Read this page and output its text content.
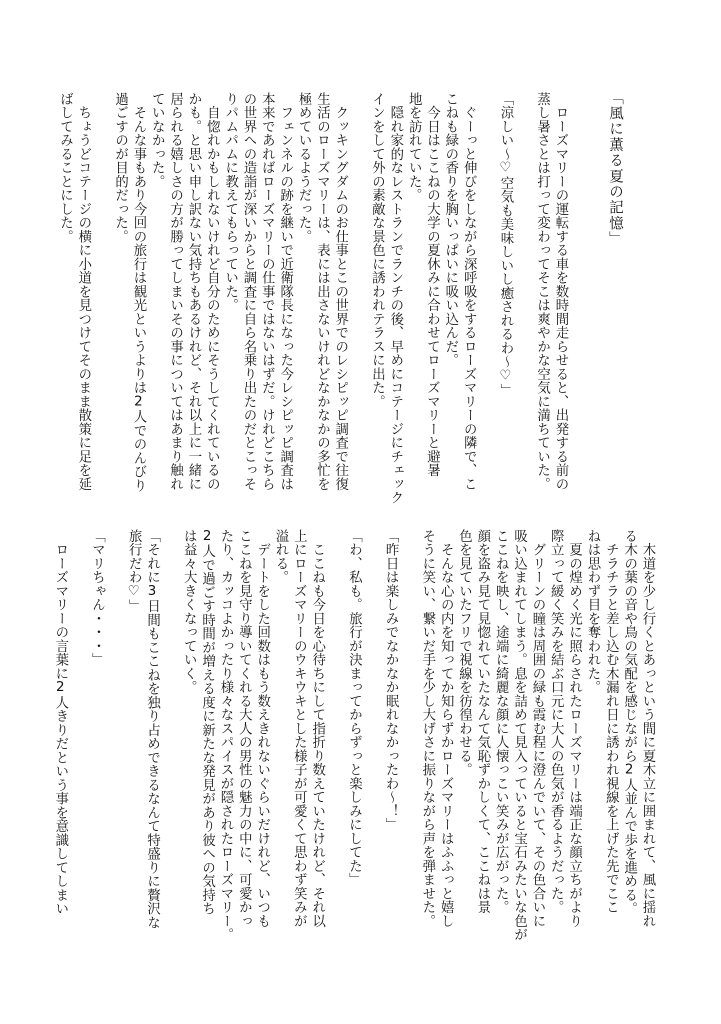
「風に薫る夏の記憶」
　ローズマリーの運転する車を数時間走らせると、出発する前の
蒸し暑さとは打って変わってそこは爽やかな空気に満ちていた。
「涼しい～♡空気も美味しいし癒されるわ～♡」
　ぐーっと伸びをしながら深呼吸をするローズマリーの隣で、こ
こねも緑の香りを胸いっぱいに吸い込んだ。
　今日はここねの大学の夏休みに合わせてローズマリーと避暑
地を訪れていた。
　隠れ家的なレストランでランチの後、早めにコテージにチェック
インをして外の素敵な景色に誘われテラスに出た。
　クッキングダムのお仕事とこの世界でのレシピッピ調査で往復
生活のローズマリーは、表には出さないけれどなかなかの多忙を
極めているようだった。
　フェンネルの跡を継いで近衛隊長になった今レシピッピ調査は
本来であればローズマリーの仕事ではないはずだ。けれどこちら
の世界への造詣が深いからと調査に自ら名乗り出たのだとこっそ
りパムパムに教えてもらっていた。
　自惚れかもしれないけれど自分のためにそうしてくれているの
かも。と思い申し訳ない気持ちもあるけれど、それ以上に一緒に
居られる嬉しさの方が勝ってしまいその事についてはあまり触れ
ていなかった。
　そんな事もあり今回の旅行は観光というよりは2人でのんびり
過ごすのが目的だった。
　ちょうどコテージの横に小道を見つけてそのまま散策に足を延
ばしてみることにした。
　木道を少し行くとあっという間に夏木立に囲まれて、風に揺れ
る木の葉の音や鳥の気配を感じながら2人並んで歩を進める。
　チラチラと差し込む木漏れ日に誘われ視線を上げた先でここ
ねは思わず目を奪われた。
　夏の煌めく光に照らされたローズマリーは端正な顔立ちがより
際立って緩く笑みを結ぶ口元に大人の色気が香るようだった。
　グリーンの瞳は周囲の緑も霞む程に澄んでいて、その色合いに
吸い込まれてしまう。息を詰めて見入っていると宝石みたいな色が
ここねを映し、途端に綺麗な顔に人懐っこい笑みが広がった。
顔を盗み見て見惚れていたなんて気恥ずかしくて、ここねは景
色を見ていたフリで視線を彷徨わせる。
　そんな心の内を知ってか知らずかローズマリーはふふっと嬉し
そうに笑い、繋いだ手を少し大げさに振りながら声を弾ませた。
「昨日は楽しみでなかなか眠れなかったわ～！」
「わ、私も。旅行が決まってからずっと楽しみにしてた」
　ここねも今日を心待ちにして指折り数えていたけれど、それ以
上にローズマリーのウキウキとした様子が可愛くて思わず笑みが
溢れる。
　デートをした回数はもう数えきれないぐらいだけれど、いつも
ここねを見守り導いてくれる大人の男性の魅力の中に、可愛かっ
たり、カッコよかったり様々なスパイスが隠されたローズマリー。
2人で過ごす時間が増える度に新たな発見があり彼への気持ち
は益々大きくなっていく。
「それに3日間もここねを独り占めできるなんて特盛りに贅沢な
旅行だわ♡」
「マリちゃん・・・」
　ローズマリーの言葉に2人きりだという事を意識してしまい
